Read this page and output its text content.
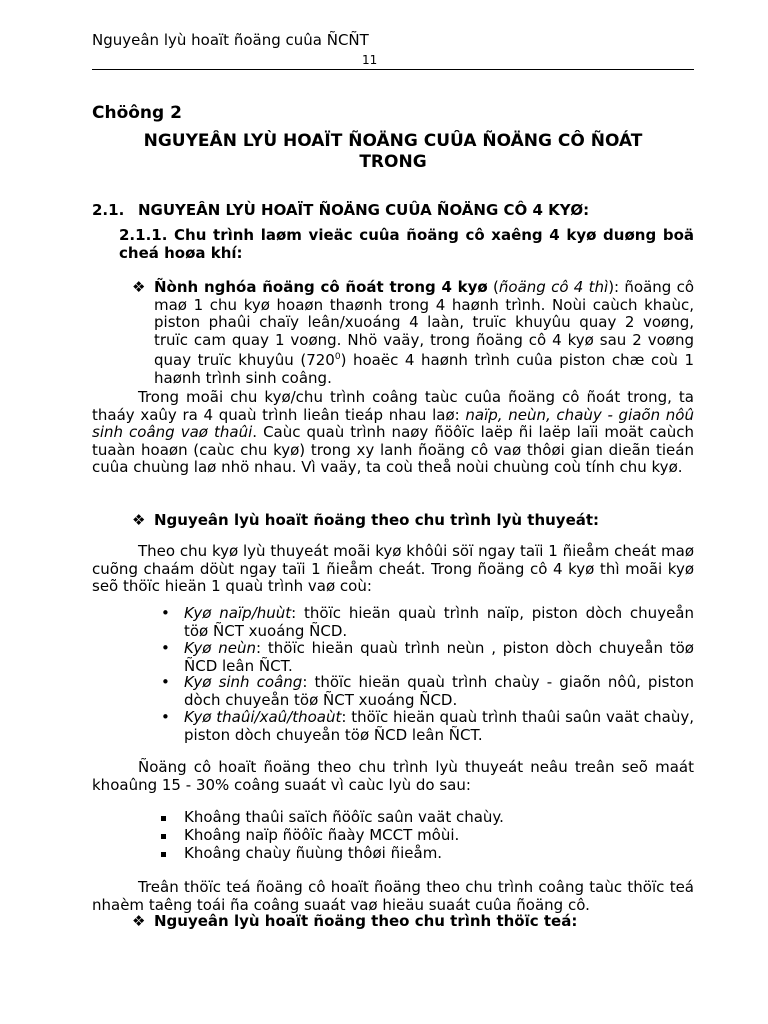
Nguyeân lyù hoaït ñoäng cuûa ÑCÑT
11
Chöông 2
NGUYEÂN LYÙ HOAÏT ÑOÄNG CUÛA ÑOÄNG CÔ ÑOÁT
TRONG
2.1. NGUYEÂN LYÙ HOAÏT ÑOÄNG CUÛA ÑOÄNG CÔ 4 KYØ:
2.1.1. Chu trình laøm vieäc cuûa ñoäng cô xaêng 4 kyø duøng boä cheá hoøa khí:
❖ Ñònh nghóa ñoäng cô ñoát trong 4 kyø (ñoäng cô 4 thì): ñoäng cô maø 1 chu kyø hoaøn thaønh trong 4 haønh trình. Noùi caùch khaùc, piston phaûi chaïy leân/xuoáng 4 laàn, truïc khuyûu quay 2 voøng, truïc cam quay 1 voøng. Nhö vaäy, trong ñoäng cô 4 kyø sau 2 voøng quay truïc khuyûu $(720^0)$ hoaëc 4 haønh trình cuûa piston chæ coù 1 haønh trình sinh coâng.
Trong moãi chu kyø/chu trình coâng taùc cuûa ñoäng cô ñoát trong, ta thaáy xaûy ra 4 quaù trình lieân tieáp nhau laø: naïp, neùn, chaùy - giaõn nôû sinh coâng vaø thaûi. Caùc quaù trình naøy ñöôïc laëp ñi laëp laïi moät caùch tuaàn hoaøn (caùc chu kyø) trong xy lanh ñoäng cô vaø thôøi gian dieãn tieán cuûa chuùng laø nhö nhau. Vì vaäy, ta coù theå noùi chuùng coù tính chu kyø.
❖ Nguyeân lyù hoaït ñoäng theo chu trình lyù thuyeát:
Theo chu kyø lyù thuyeát moãi kyø khôûi söï ngay taïi 1 ñieåm cheát maø cuõng chaám döùt ngay taïi 1 ñieåm cheát. Trong ñoäng cô 4 kyø thì moãi kyø seõ thöïc hieän 1 quaù trình vaø coù:
• Kyø naïp/huùt: thöïc hieän quaù trình naïp, piston dòch chuyeån töø ÑCT xuoáng ÑCD.
• Kyø neùn: thöïc hieän quaù trình neùn , piston dòch chuyeån töø ÑCD leân ÑCT.
• Kyø sinh coâng: thöïc hieän quaù trình chaùy - giaõn nôû, piston dòch chuyeån töø ÑCT xuoáng ÑCD.
• Kyø thaûi/xaû/thoaùt: thöïc hieän quaù trình thaûi saûn vaät chaùy, piston dòch chuyeån töø ÑCD leân ÑCT.
Ñoäng cô hoaït ñoäng theo chu trình lyù thuyeát neâu treân seõ maát khoaûng 15 - 30% coâng suaát vì caùc lyù do sau:
Khoâng thaûi saïch ñöôïc saûn vaät chaùy.
Khoâng naïp ñöôïc ñaày MCCT môùi.
Khoâng chaùy ñuùng thôøi ñieåm.
Treân thöïc teá ñoäng cô hoaït ñoäng theo chu trình coâng taùc thöïc teá nhaèm taêng toái ña coâng suaát vaø hieäu suaát cuûa ñoäng cô.
❖ Nguyeân lyù hoaït ñoäng theo chu trình thöïc teá:
